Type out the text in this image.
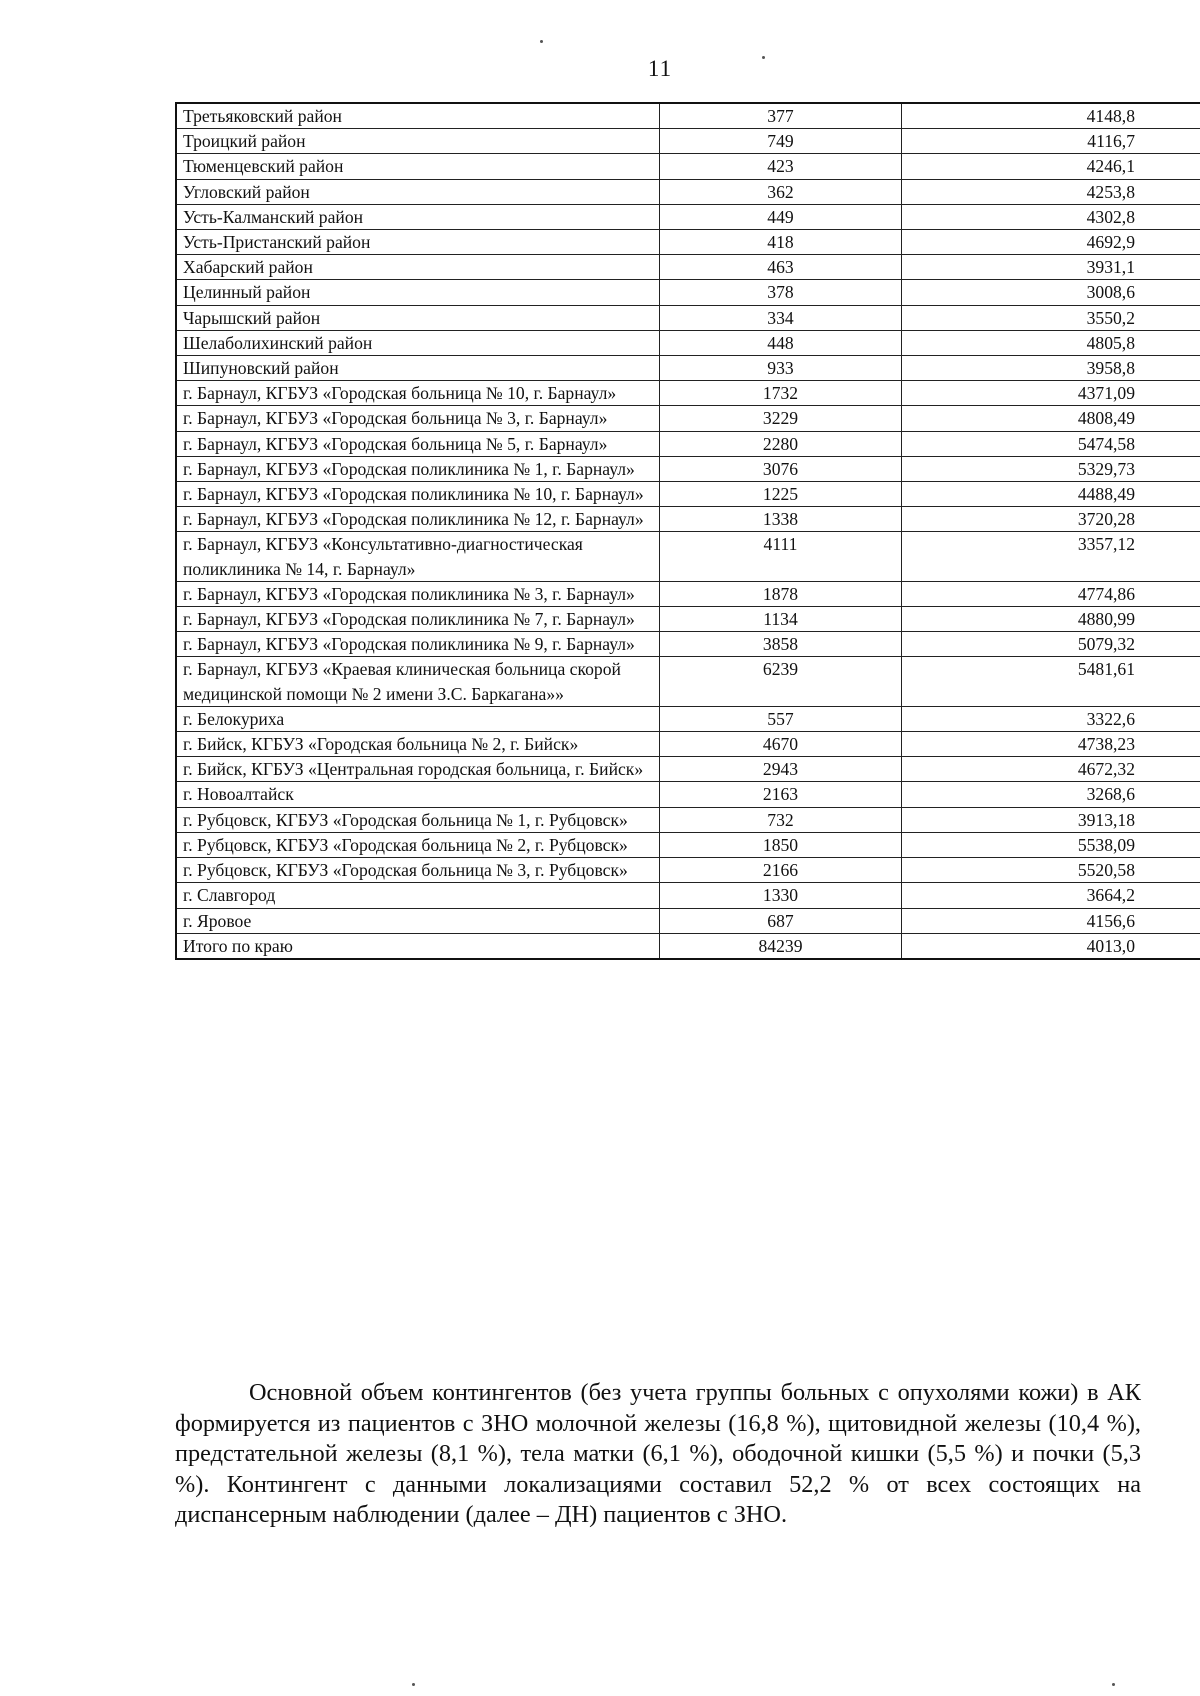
11
Третьяковский район	377	4148,8
Троицкий район	749	4116,7
Тюменцевский район	423	4246,1
Угловский район	362	4253,8
Усть-Калманский район	449	4302,8
Усть-Пристанский район	418	4692,9
Хабарский район	463	3931,1
Целинный район	378	3008,6
Чарышский район	334	3550,2
Шелаболихинский район	448	4805,8
Шипуновский район	933	3958,8
г. Барнаул, КГБУЗ «Городская больница № 10, г. Барнаул»	1732	4371,09
г. Барнаул, КГБУЗ «Городская больница № 3, г. Барнаул»	3229	4808,49
г. Барнаул, КГБУЗ «Городская больница № 5, г. Барнаул»	2280	5474,58
г. Барнаул, КГБУЗ «Городская поликлиника № 1, г. Барнаул»	3076	5329,73
г. Барнаул, КГБУЗ «Городская поликлиника № 10, г. Барнаул»	1225	4488,49
г. Барнаул, КГБУЗ «Городская поликлиника № 12, г. Барнаул»	1338	3720,28
г. Барнаул, КГБУЗ «Консультативно-диагностическая поликлиника № 14, г. Барнаул»	4111	3357,12
г. Барнаул, КГБУЗ «Городская поликлиника № 3, г. Барнаул»	1878	4774,86
г. Барнаул, КГБУЗ «Городская поликлиника № 7, г. Барнаул»	1134	4880,99
г. Барнаул, КГБУЗ «Городская поликлиника № 9, г. Барнаул»	3858	5079,32
г. Барнаул, КГБУЗ «Краевая клиническая больница скорой медицинской помощи № 2 имени З.С. Баркагана»»	6239	5481,61
г. Белокуриха	557	3322,6
г. Бийск, КГБУЗ «Городская больница № 2, г. Бийск»	4670	4738,23
г. Бийск, КГБУЗ «Центральная городская больница, г. Бийск»	2943	4672,32
г. Новоалтайск	2163	3268,6
г. Рубцовск, КГБУЗ «Городская больница № 1, г. Рубцовск»	732	3913,18
г. Рубцовск, КГБУЗ «Городская больница № 2, г. Рубцовск»	1850	5538,09
г. Рубцовск, КГБУЗ «Городская больница № 3, г. Рубцовск»	2166	5520,58
г. Славгород	1330	3664,2
г. Яровое	687	4156,6
Итого по краю	84239	4013,0

Основной объем контингентов (без учета группы больных с опухолями кожи) в АК формируется из пациентов с ЗНО молочной железы (16,8 %), щитовидной железы (10,4 %), предстательной железы (8,1 %), тела матки (6,1 %), ободочной кишки (5,5 %) и почки (5,3 %). Контингент с данными локализациями составил 52,2 % от всех состоящих на диспансерным наблюдении (далее – ДН) пациентов с ЗНО.
